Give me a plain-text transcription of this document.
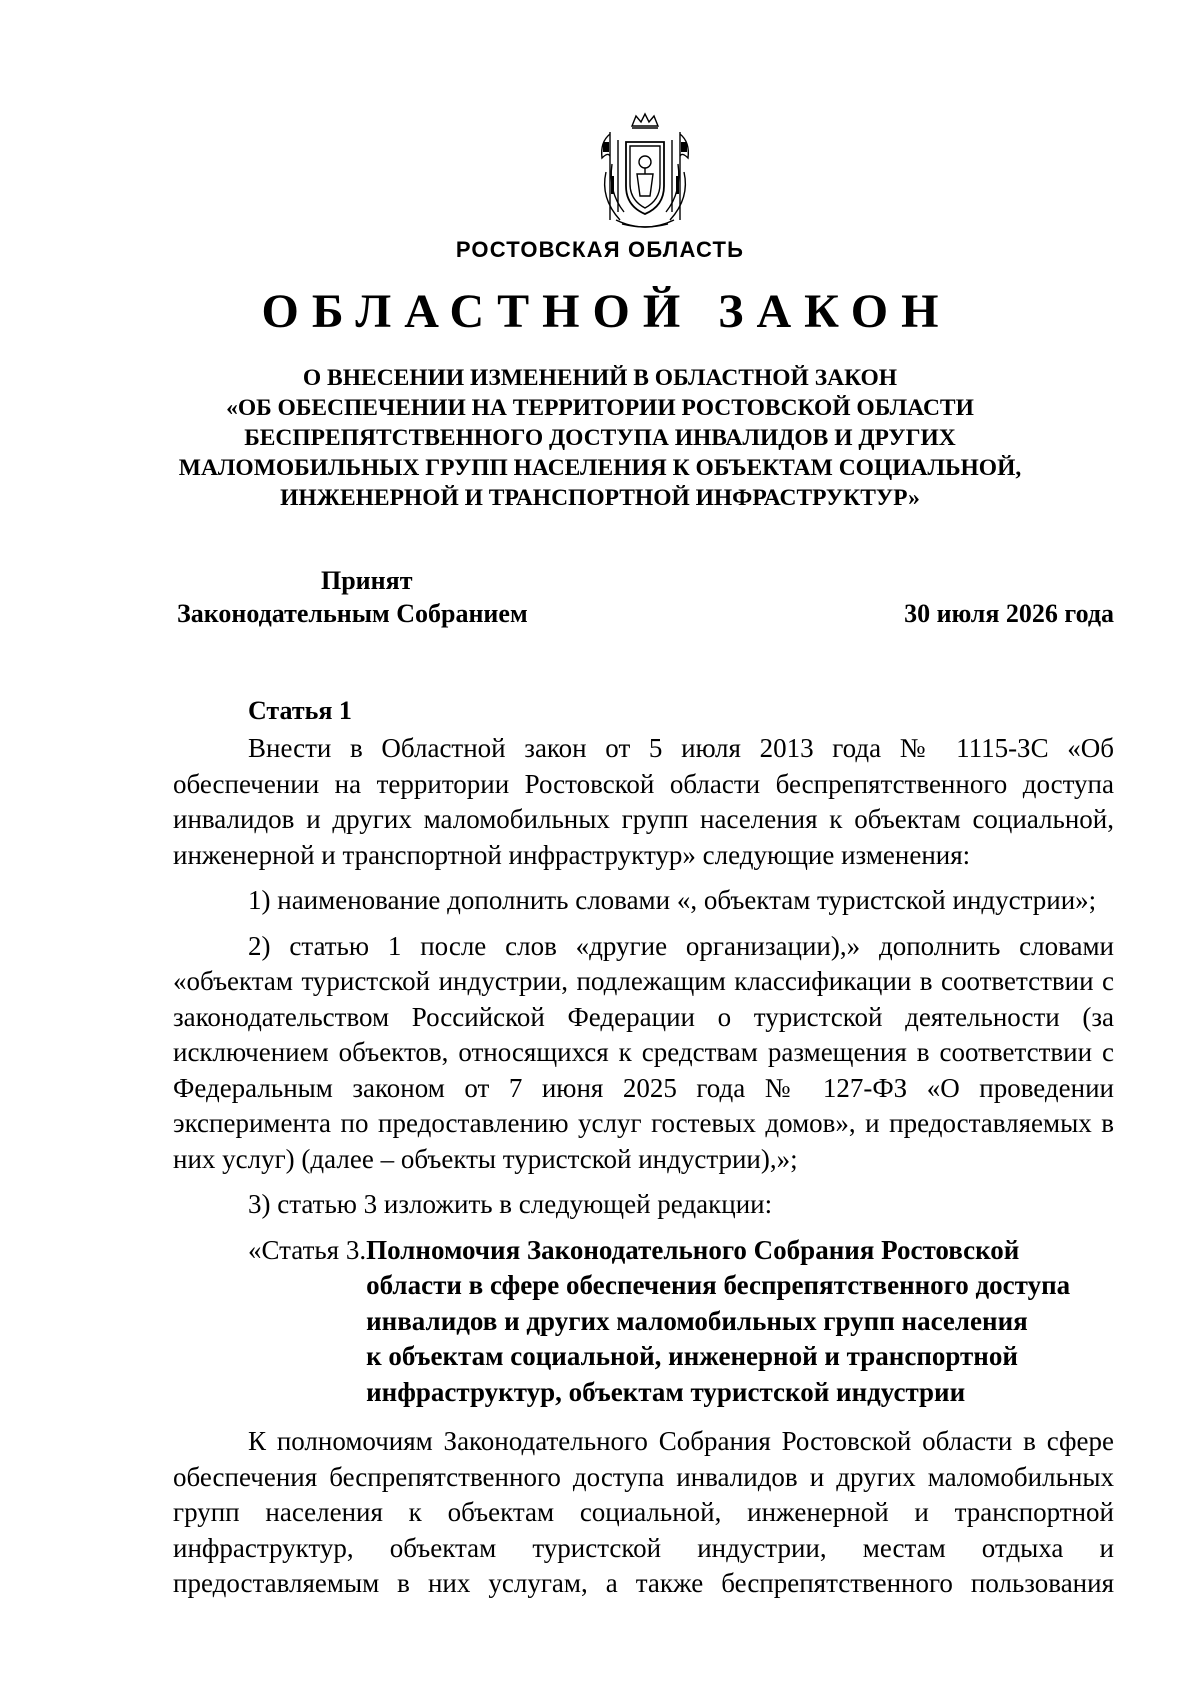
РОСТОВСКАЯ ОБЛАСТЬ
ОБЛАСТНОЙ ЗАКОН
О ВНЕСЕНИИ ИЗМЕНЕНИЙ В ОБЛАСТНОЙ ЗАКОН
«ОБ ОБЕСПЕЧЕНИИ НА ТЕРРИТОРИИ РОСТОВСКОЙ ОБЛАСТИ
БЕСПРЕПЯТСТВЕННОГО ДОСТУПА ИНВАЛИДОВ И ДРУГИХ
МАЛОМОБИЛЬНЫХ ГРУПП НАСЕЛЕНИЯ К ОБЪЕКТАМ СОЦИАЛЬНОЙ,
ИНЖЕНЕРНОЙ И ТРАНСПОРТНОЙ ИНФРАСТРУКТУР»
Принят
Законодательным Собранием	30 июля 2026 года
Статья 1

Внести в Областной закон от 5 июля 2013 года № 1115-ЗС «Об обеспечении на территории Ростовской области беспрепятственного доступа инвалидов и других маломобильных групп населения к объектам социальной, инженерной и транспортной инфраструктур» следующие изменения:

1) наименование дополнить словами «, объектам туристской индустрии»;

2) статью 1 после слов «другие организации),» дополнить словами «объектам туристской индустрии, подлежащим классификации в соответствии с законодательством Российской Федерации о туристской деятельности (за исключением объектов, относящихся к средствам размещения в соответствии с Федеральным законом от 7 июня 2025 года № 127-ФЗ «О проведении эксперимента по предоставлению услуг гостевых домов», и предоставляемых в них услуг) (далее – объекты туристской индустрии),»;

3) статью 3 изложить в следующей редакции:

«Статья 3. Полномочия Законодательного Собрания Ростовской
области в сфере обеспечения беспрепятственного доступа
инвалидов и других маломобильных групп населения
к объектам социальной, инженерной и транспортной
инфраструктур, объектам туристской индустрии

К полномочиям Законодательного Собрания Ростовской области в сфере обеспечения беспрепятственного доступа инвалидов и других маломобильных групп населения к объектам социальной, инженерной и транспортной инфраструктур, объектам туристской индустрии, местам отдыха и предоставляемым в них услугам, а также беспрепятственного пользования
